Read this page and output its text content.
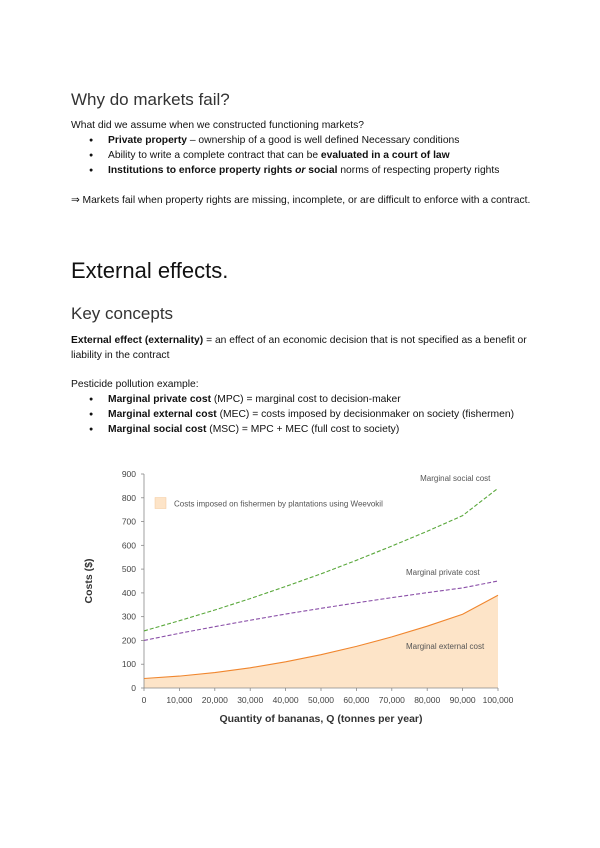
Why do markets fail?

What did we assume when we constructed functioning markets?

● Private property – ownership of a good is well defined Necessary conditions
● Ability to write a complete contract that can be evaluated in a court of law
● Institutions to enforce property rights or social norms of respecting property rights

⇒ Markets fail when property rights are missing, incomplete, or are difficult to enforce with a contract.

External effects.
Key concepts

External effect (externality) = an effect of an economic decision that is not specified as a benefit or liability in the contract

Pesticide pollution example:

● Marginal private cost (MPC) = marginal cost to decision-maker
● Marginal external cost (MEC) = costs imposed by decisionmaker on society (fishermen)
● Marginal social cost (MSC) = MPC + MEC (full cost to society)
0
100
200
300
400
500
600
700
800
900
0 10,000 20,000 30,000 40,000 50,000 60,000 70,000 80,000 90,000 100,000
Quantity of bananas, Q (tonnes per year)
Costs ($)
Marginal social cost
Marginal private cost
Marginal external cost
Costs imposed on fishermen by plantations using Weevokil
